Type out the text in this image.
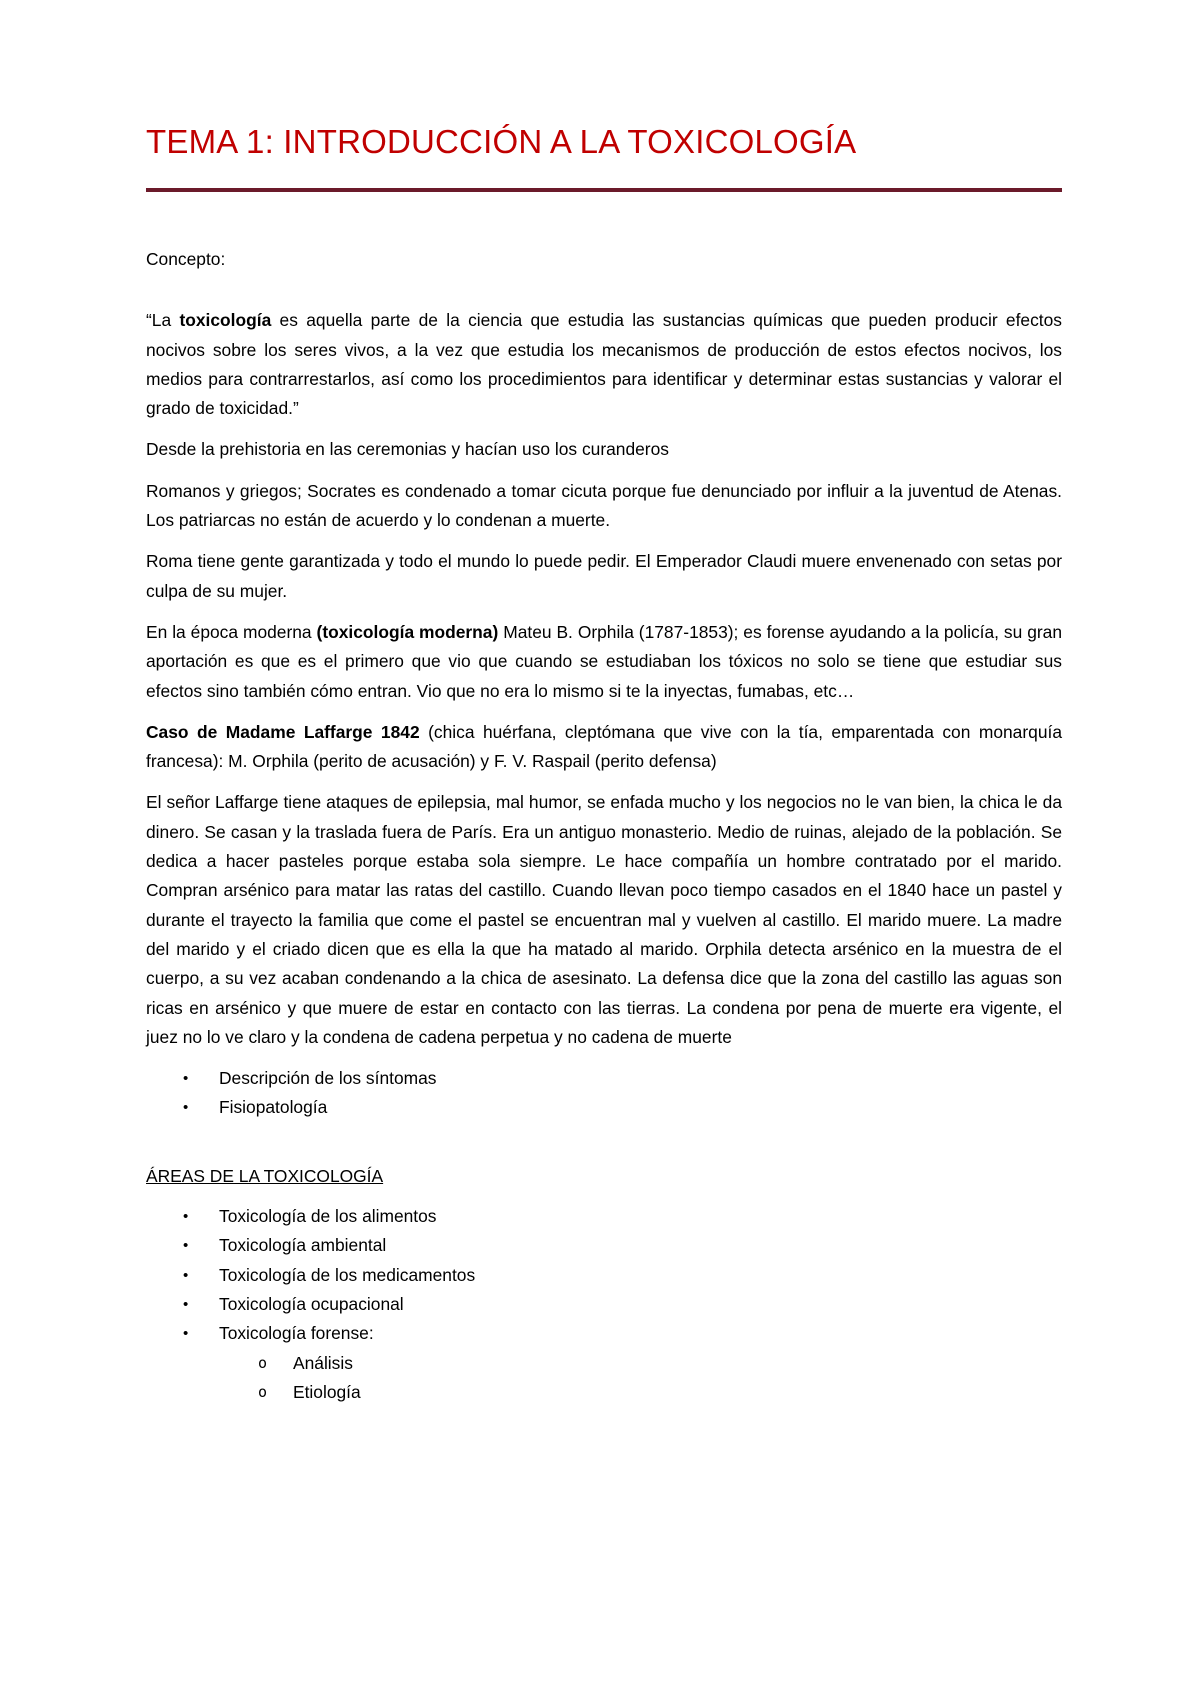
TEMA 1: INTRODUCCIÓN A LA TOXICOLOGÍA

Concepto:

“La toxicología es aquella parte de la ciencia que estudia las sustancias químicas que pueden producir efectos nocivos sobre los seres vivos, a la vez que estudia los mecanismos de producción de estos efectos nocivos, los medios para contrarrestarlos, así como los procedimientos para identificar y determinar estas sustancias y valorar el grado de toxicidad.”

Desde la prehistoria en las ceremonias y hacían uso los curanderos

Romanos y griegos; Socrates es condenado a tomar cicuta porque fue denunciado por influir a la juventud de Atenas. Los patriarcas no están de acuerdo y lo condenan a muerte.

Roma tiene gente garantizada y todo el mundo lo puede pedir. El Emperador Claudi muere envenenado con setas por culpa de su mujer.

En la época moderna (toxicología moderna) Mateu B. Orphila (1787-1853); es forense ayudando a la policía, su gran aportación es que es el primero que vio que cuando se estudiaban los tóxicos no solo se tiene que estudiar sus efectos sino también cómo entran. Vio que no era lo mismo si te la inyectas, fumabas, etc…

Caso de Madame Laffarge 1842 (chica huérfana, cleptómana que vive con la tía, emparentada con monarquía francesa): M. Orphila (perito de acusación) y F. V. Raspail (perito defensa)

El señor Laffarge tiene ataques de epilepsia, mal humor, se enfada mucho y los negocios no le van bien, la chica le da dinero. Se casan y la traslada fuera de París. Era un antiguo monasterio. Medio de ruinas, alejado de la población. Se dedica a hacer pasteles porque estaba sola siempre. Le hace compañía un hombre contratado por el marido. Compran arsénico para matar las ratas del castillo. Cuando llevan poco tiempo casados en el 1840 hace un pastel y durante el trayecto la familia que come el pastel se encuentran mal y vuelven al castillo. El marido muere. La madre del marido y el criado dicen que es ella la que ha matado al marido. Orphila detecta arsénico en la muestra de el cuerpo, a su vez acaban condenando a la chica de asesinato. La defensa dice que la zona del castillo las aguas son ricas en arsénico y que muere de estar en contacto con las tierras. La condena por pena de muerte era vigente, el juez no lo ve claro y la condena de cadena perpetua y no cadena de muerte

• Descripción de los síntomas
• Fisiopatología
ÁREAS DE LA TOXICOLOGÍA
• Toxicología de los alimentos
• Toxicología ambiental
• Toxicología de los medicamentos
• Toxicología ocupacional
• Toxicología forense:
o Análisis
o Etiología
